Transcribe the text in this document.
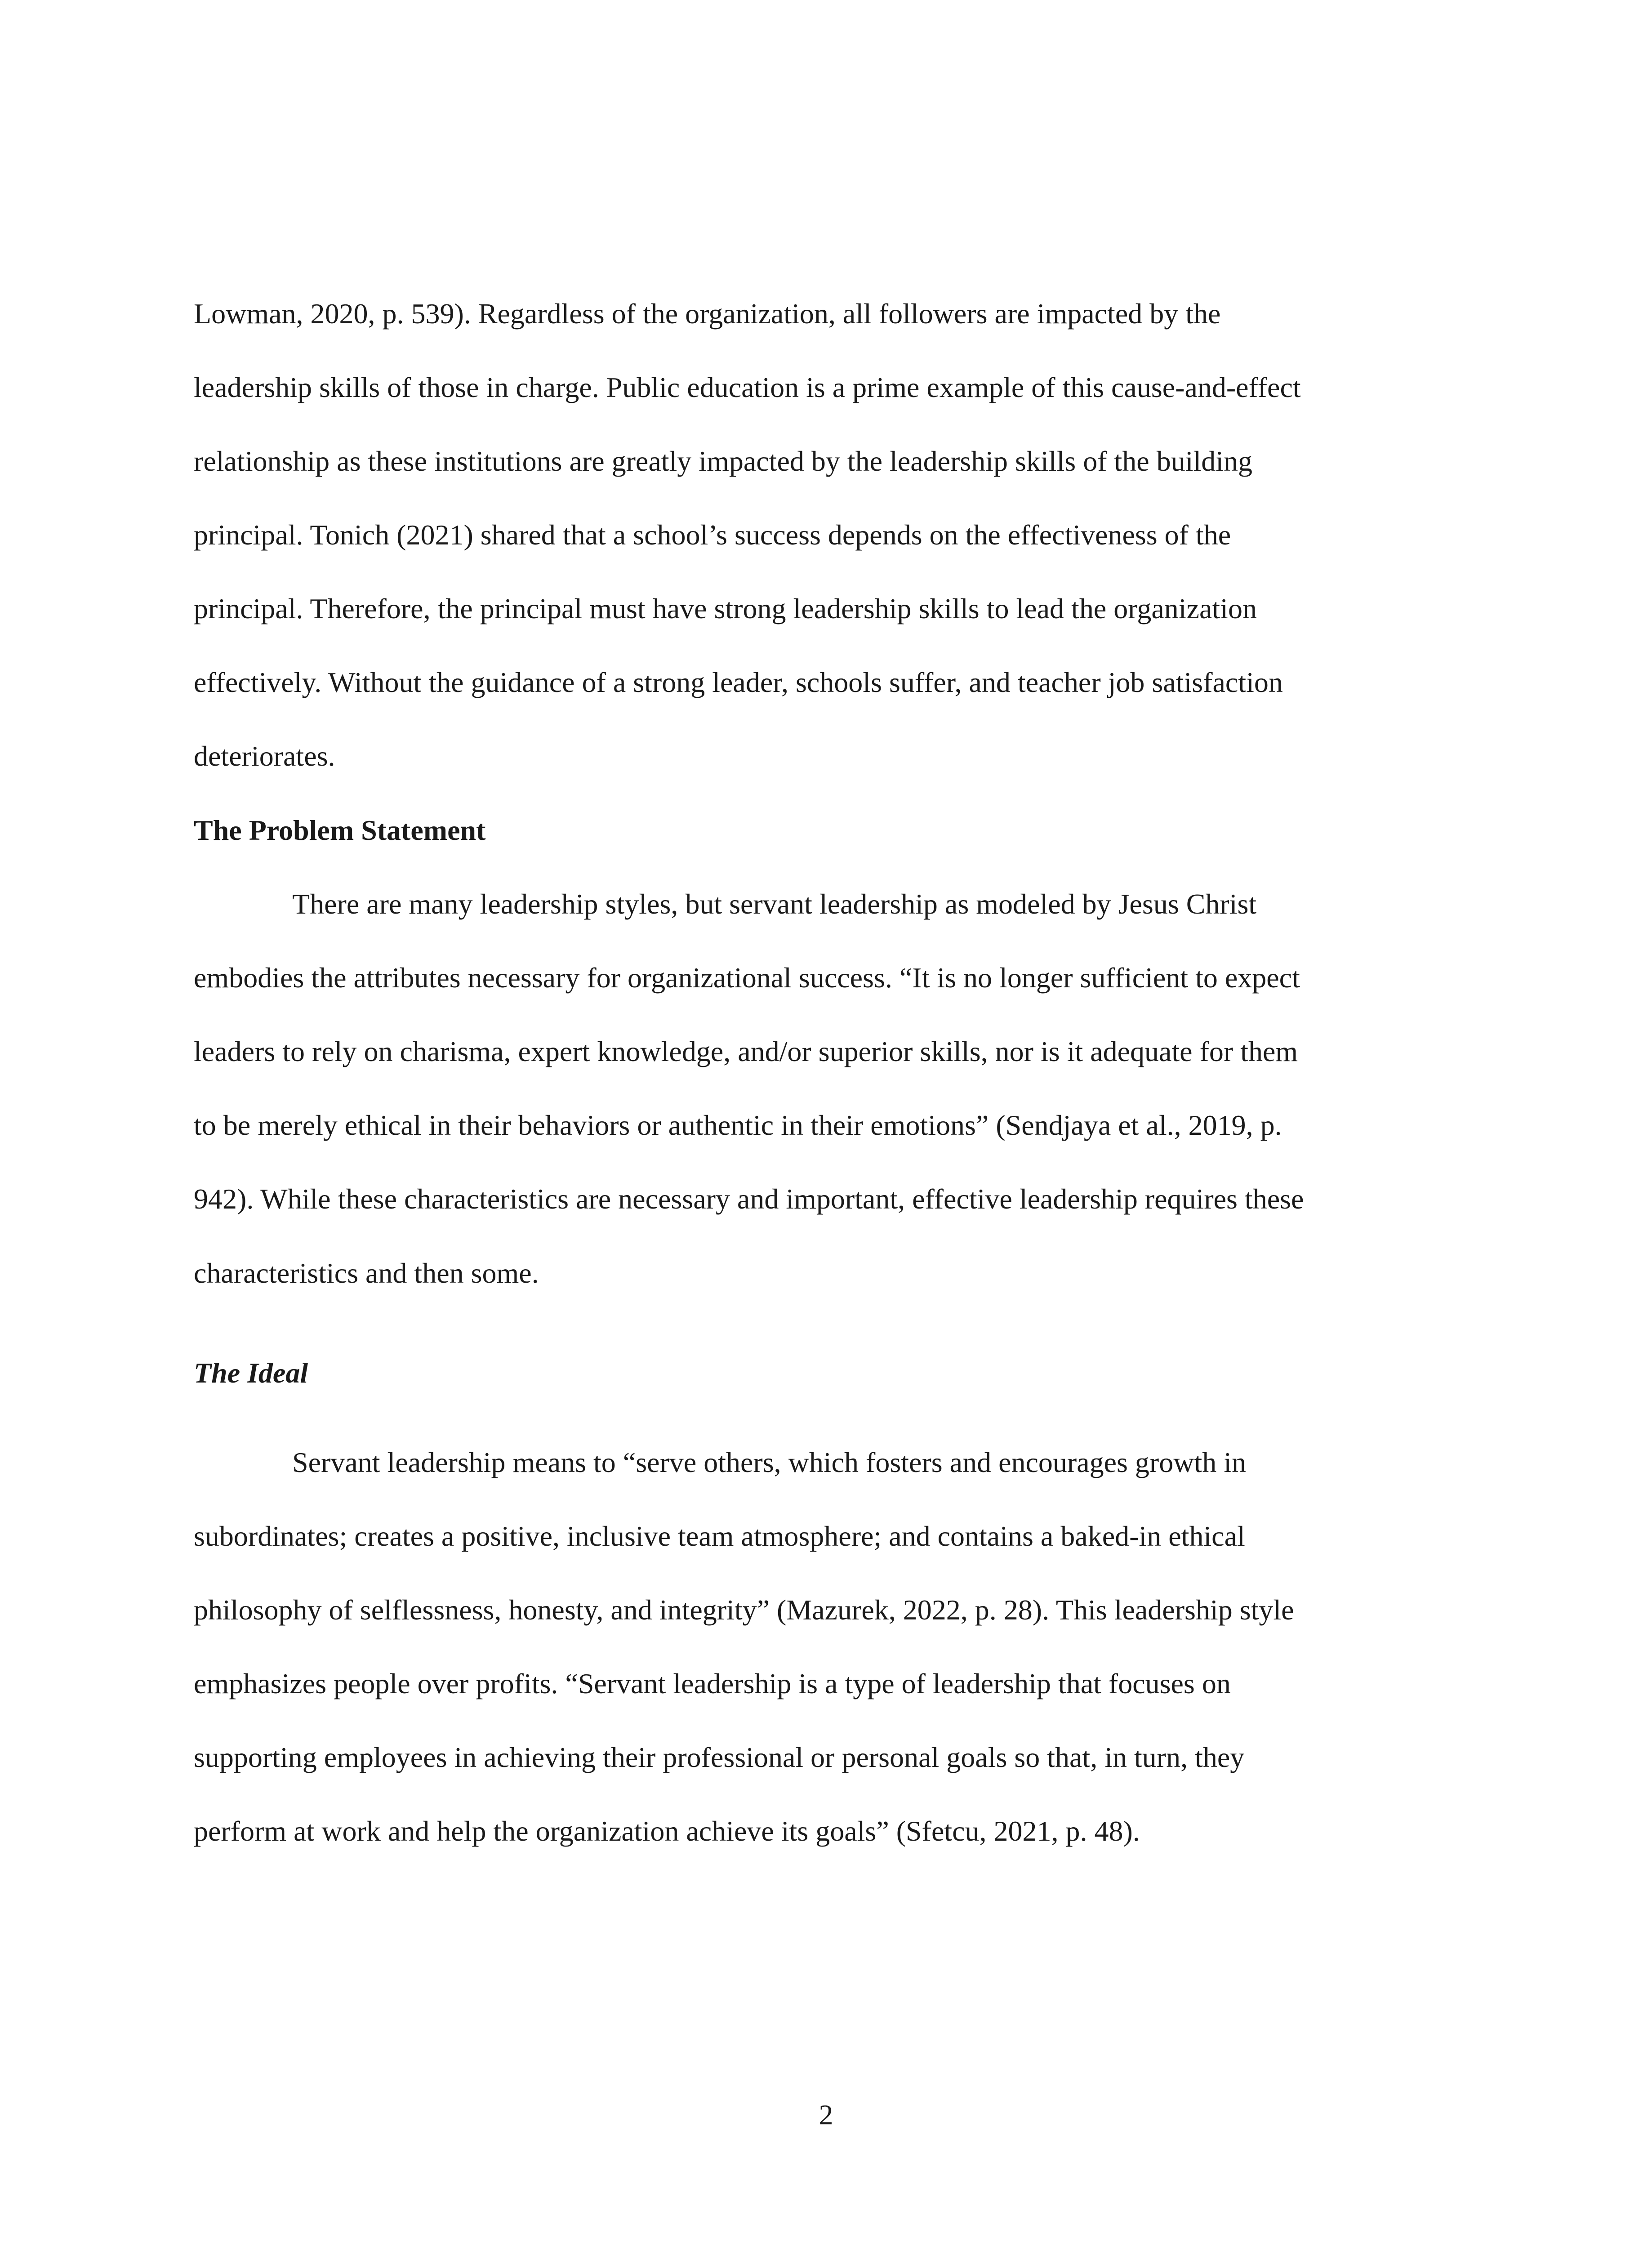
Lowman, 2020, p. 539). Regardless of the organization, all followers are impacted by the
leadership skills of those in charge. Public education is a prime example of this cause-and-effect
relationship as these institutions are greatly impacted by the leadership skills of the building
principal. Tonich (2021) shared that a school’s success depends on the effectiveness of the
principal. Therefore, the principal must have strong leadership skills to lead the organization
effectively. Without the guidance of a strong leader, schools suffer, and teacher job satisfaction
deteriorates.
The Problem Statement
There are many leadership styles, but servant leadership as modeled by Jesus Christ
embodies the attributes necessary for organizational success. “It is no longer sufficient to expect
leaders to rely on charisma, expert knowledge, and/or superior skills, nor is it adequate for them
to be merely ethical in their behaviors or authentic in their emotions” (Sendjaya et al., 2019, p.
942). While these characteristics are necessary and important, effective leadership requires these
characteristics and then some.
The Ideal
Servant leadership means to “serve others, which fosters and encourages growth in
subordinates; creates a positive, inclusive team atmosphere; and contains a baked-in ethical
philosophy of selflessness, honesty, and integrity” (Mazurek, 2022, p. 28). This leadership style
emphasizes people over profits. “Servant leadership is a type of leadership that focuses on
supporting employees in achieving their professional or personal goals so that, in turn, they
perform at work and help the organization achieve its goals” (Sfetcu, 2021, p. 48).
2
